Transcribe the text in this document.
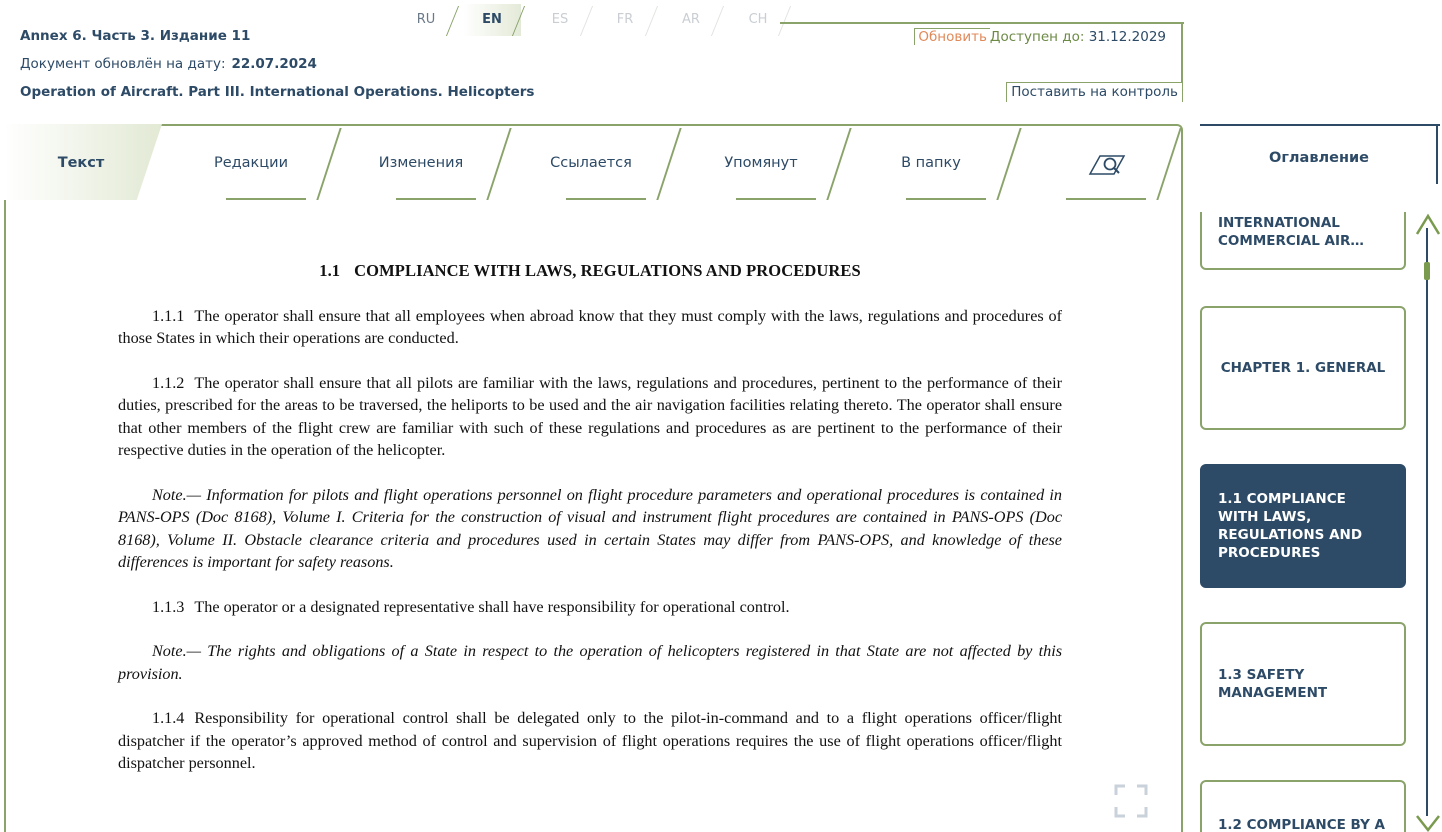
RU	EN	ES	FR	AR	CH
Annex 6. Часть 3. Издание 11
Документ обновлён на дату: 22.07.2024
Operation of Aircraft. Part III. International Operations. Helicopters
Обновить Доступен до: 31.12.2029
Поставить на контроль
Текст	Редакции	Изменения	Ссылается	Упомянут	В папку
1.1 COMPLIANCE WITH LAWS, REGULATIONS AND PROCEDURES

1.1.1 The operator shall ensure that all employees when abroad know that they must comply with the laws, regulations and procedures of those States in which their operations are conducted.

1.1.2 The operator shall ensure that all pilots are familiar with the laws, regulations and procedures, pertinent to the performance of their duties, prescribed for the areas to be traversed, the heliports to be used and the air navigation facilities relating thereto. The operator shall ensure that other members of the flight crew are familiar with such of these regulations and procedures as are pertinent to the performance of their respective duties in the operation of the helicopter.

Note.— Information for pilots and flight operations personnel on flight procedure parameters and operational procedures is contained in PANS-OPS (Doc 8168), Volume I. Criteria for the construction of visual and instrument flight procedures are contained in PANS-OPS (Doc 8168), Volume II. Obstacle clearance criteria and procedures used in certain States may differ from PANS-OPS, and knowledge of these differences is important for safety reasons.

1.1.3 The operator or a designated representative shall have responsibility for operational control.

Note.— The rights and obligations of a State in respect to the operation of helicopters registered in that State are not affected by this provision.

1.1.4 Responsibility for operational control shall be delegated only to the pilot-in-command and to a flight operations officer/flight dispatcher if the operator’s approved method of control and supervision of flight operations requires the use of flight operations officer/flight dispatcher personnel.

Оглавление
INTERNATIONAL COMMERCIAL AIR…
CHAPTER 1. GENERAL
1.1 COMPLIANCE WITH LAWS, REGULATIONS AND PROCEDURES
1.3 SAFETY MANAGEMENT
1.2 COMPLIANCE BY A
